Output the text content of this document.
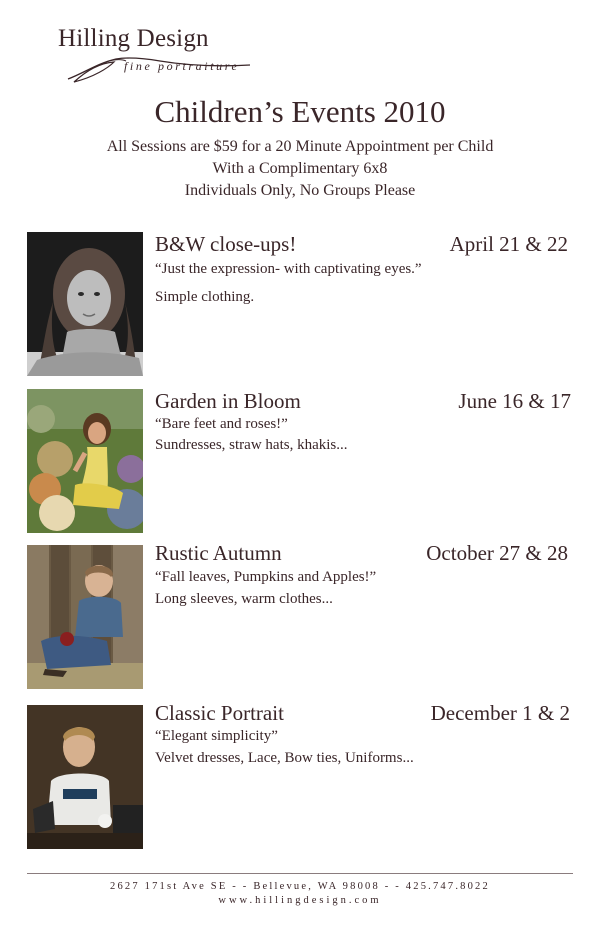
Hilling Design
fine portraiture
Children’s Events 2010
All Sessions are $59 for a 20 Minute Appointment per Child
With a Complimentary 6x8
Individuals Only, No Groups Please
B&W close-ups!	April 21 & 22
“Just the expression- with captivating eyes.”
Simple clothing.
Garden in Bloom	June 16 & 17
“Bare feet and roses!”
Sundresses, straw hats, khakis...
Rustic Autumn	October 27 & 28
“Fall leaves, Pumpkins and Apples!”
Long sleeves, warm clothes...
Classic Portrait	December 1 & 2
“Elegant simplicity”
Velvet dresses, Lace, Bow ties, Uniforms...
2627 171st Ave SE - - Bellevue, WA 98008 - - 425.747.8022
www.hillingdesign.com
